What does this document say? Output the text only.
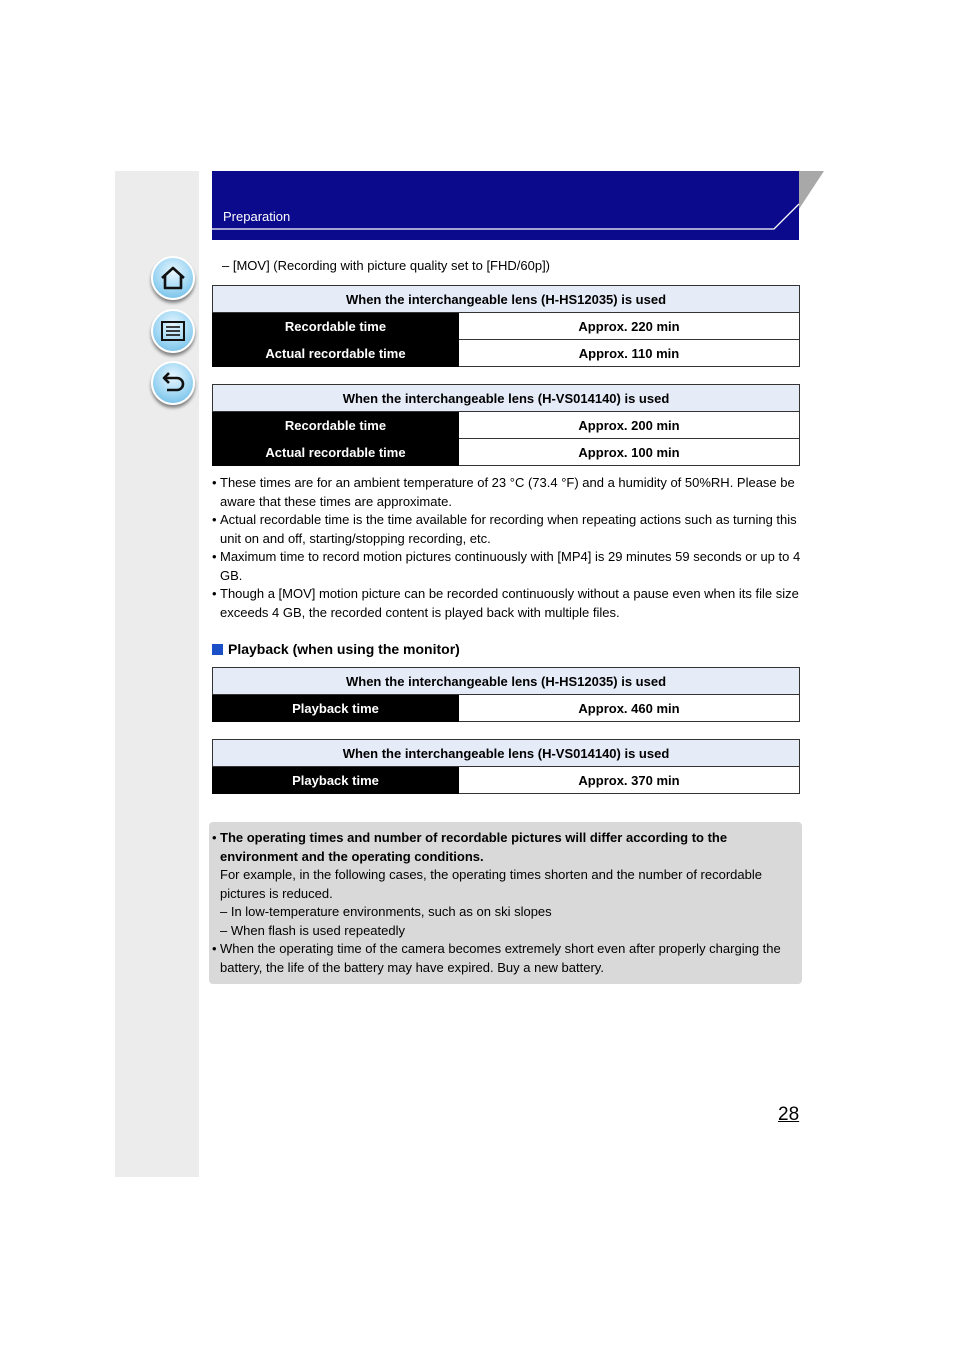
Preparation
– [MOV] (Recording with picture quality set to [FHD/60p])
When the interchangeable lens (H-HS12035) is used	
Recordable time	Approx. 220 min
Actual recordable time	Approx. 110 min
When the interchangeable lens (H-VS014140) is used	
Recordable time	Approx. 200 min
Actual recordable time	Approx. 100 min
• These times are for an ambient temperature of 23 °C (73.4 °F) and a humidity of 50%RH. Please be aware that these times are approximate.
• Actual recordable time is the time available for recording when repeating actions such as turning this unit on and off, starting/stopping recording, etc.
• Maximum time to record motion pictures continuously with [MP4] is 29 minutes 59 seconds or up to 4 GB.
• Though a [MOV] motion picture can be recorded continuously without a pause even when its file size exceeds 4 GB, the recorded content is played back with multiple files.
Playback (when using the monitor)
When the interchangeable lens (H-HS12035) is used
Playback time	Approx. 460 min
When the interchangeable lens (H-VS014140) is used
Playback time	Approx. 370 min
• The operating times and number of recordable pictures will differ according to the environment and the operating conditions.
For example, in the following cases, the operating times shorten and the number of recordable pictures is reduced.
– In low-temperature environments, such as on ski slopes
– When flash is used repeatedly
• When the operating time of the camera becomes extremely short even after properly charging the battery, the life of the battery may have expired. Buy a new battery.
28
